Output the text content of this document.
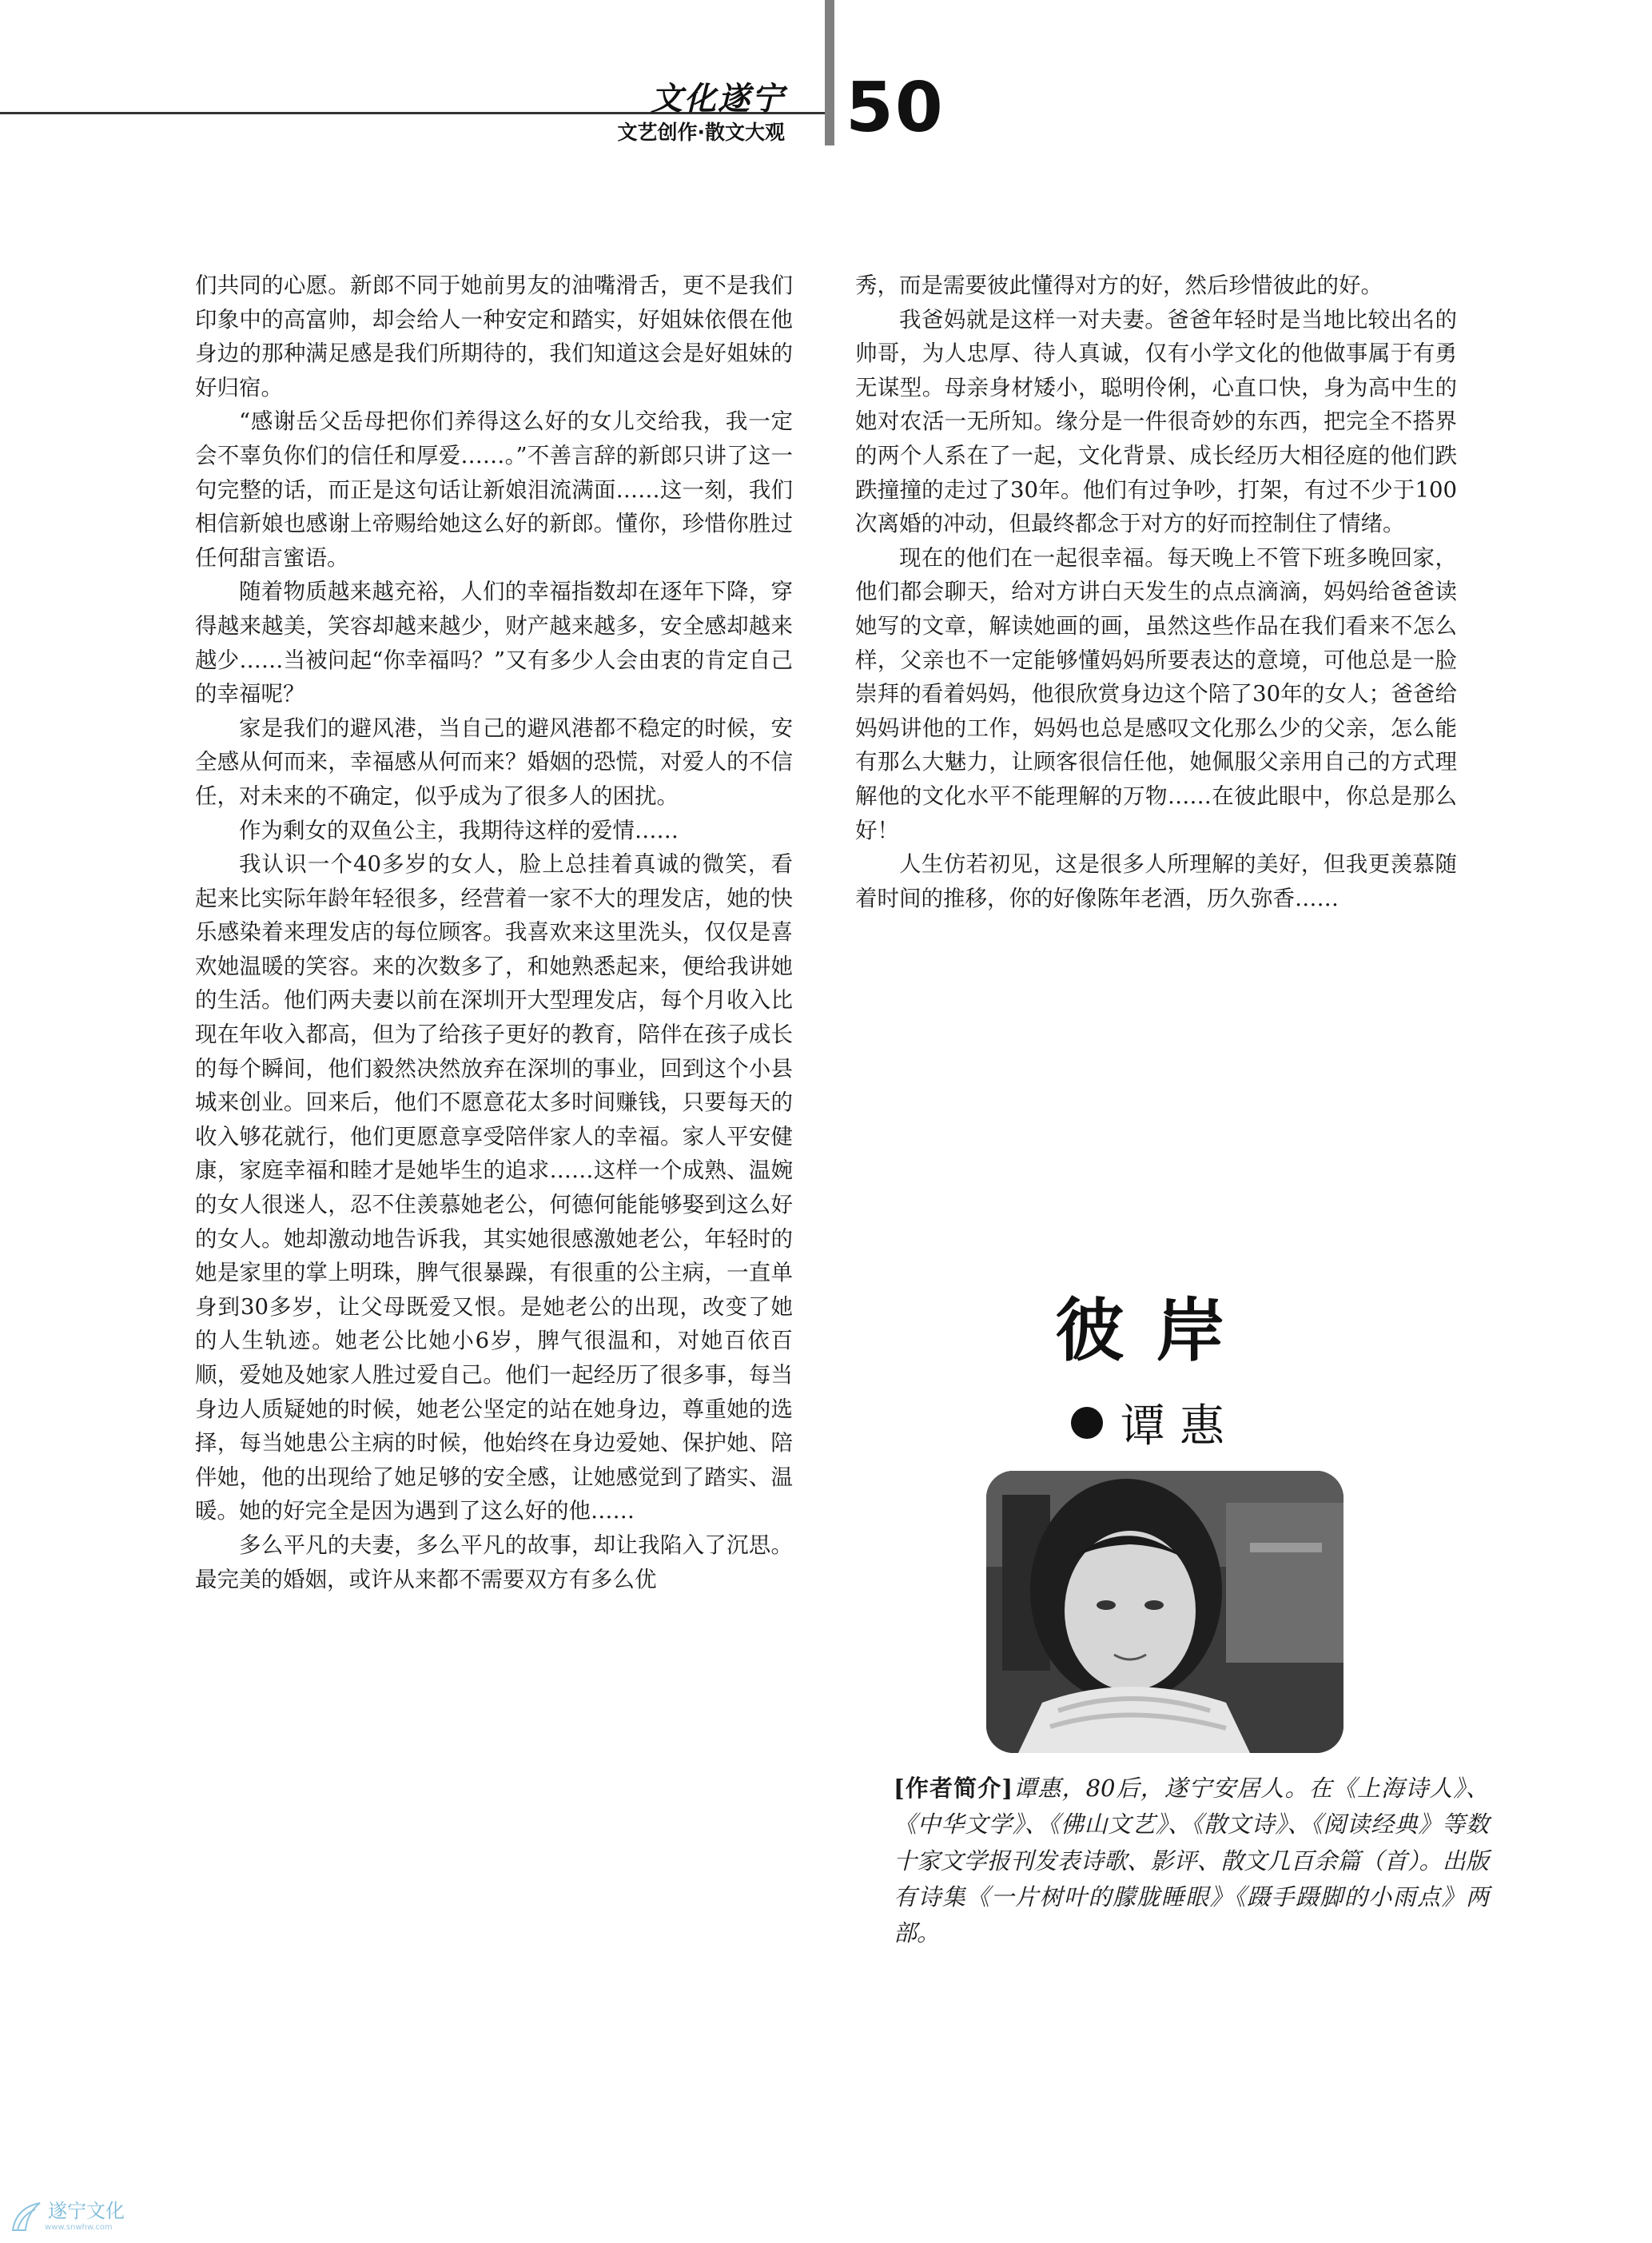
文化遂宁
文艺创作·散文大观 50

们共同的心愿。新郎不同于她前男友的油嘴滑舌，更不是我们印象中的高富帅，却会给人一种安定和踏实，好姐妹依偎在他身边的那种满足感是我们所期待的，我们知道这会是好姐妹的好归宿。

“感谢岳父岳母把你们养得这么好的女儿交给我，我一定会不辜负你们的信任和厚爱……。”不善言辞的新郎只讲了这一句完整的话，而正是这句话让新娘泪流满面……这一刻，我们相信新娘也感谢上帝赐给她这么好的新郎。懂你，珍惜你胜过任何甜言蜜语。

随着物质越来越充裕，人们的幸福指数却在逐年下降，穿得越来越美，笑容却越来越少，财产越来越多，安全感却越来越少……当被问起“你幸福吗？”又有多少人会由衷的肯定自己的幸福呢？

家是我们的避风港，当自己的避风港都不稳定的时候，安全感从何而来，幸福感从何而来？婚姻的恐慌，对爱人的不信任，对未来的不确定，似乎成为了很多人的困扰。

作为剩女的双鱼公主，我期待这样的爱情……

我认识一个40多岁的女人，脸上总挂着真诚的微笑，看起来比实际年龄年轻很多，经营着一家不大的理发店，她的快乐感染着来理发店的每位顾客。我喜欢来这里洗头，仅仅是喜欢她温暖的笑容。来的次数多了，和她熟悉起来，便给我讲她的生活。他们两夫妻以前在深圳开大型理发店，每个月收入比现在年收入都高，但为了给孩子更好的教育，陪伴在孩子成长的每个瞬间，他们毅然决然放弃在深圳的事业，回到这个小县城来创业。回来后，他们不愿意花太多时间赚钱，只要每天的收入够花就行，他们更愿意享受陪伴家人的幸福。家人平安健康，家庭幸福和睦才是她毕生的追求……这样一个成熟、温婉的女人很迷人，忍不住羡慕她老公，何德何能能够娶到这么好的女人。她却激动地告诉我，其实她很感激她老公，年轻时的她是家里的掌上明珠，脾气很暴躁，有很重的公主病，一直单身到30多岁，让父母既爱又恨。是她老公的出现，改变了她的人生轨迹。她老公比她小6岁，脾气很温和，对她百依百顺，爱她及她家人胜过爱自己。他们一起经历了很多事，每当身边人质疑她的时候，她老公坚定的站在她身边，尊重她的选择，每当她患公主病的时候，他始终在身边爱她、保护她、陪伴她，他的出现给了她足够的安全感，让她感觉到了踏实、温暖。她的好完全是因为遇到了这么好的他……

多么平凡的夫妻，多么平凡的故事，却让我陷入了沉思。最完美的婚姻，或许从来都不需要双方有多么优

秀，而是需要彼此懂得对方的好，然后珍惜彼此的好。

我爸妈就是这样一对夫妻。爸爸年轻时是当地比较出名的帅哥，为人忠厚、待人真诚，仅有小学文化的他做事属于有勇无谋型。母亲身材矮小，聪明伶俐，心直口快，身为高中生的她对农活一无所知。缘分是一件很奇妙的东西，把完全不搭界的两个人系在了一起，文化背景、成长经历大相径庭的他们跌跌撞撞的走过了30年。他们有过争吵，打架，有过不少于100次离婚的冲动，但最终都念于对方的好而控制住了情绪。

现在的他们在一起很幸福。每天晚上不管下班多晚回家，他们都会聊天，给对方讲白天发生的点点滴滴，妈妈给爸爸读她写的文章，解读她画的画，虽然这些作品在我们看来不怎么样，父亲也不一定能够懂妈妈所要表达的意境，可他总是一脸崇拜的看着妈妈，他很欣赏身边这个陪了30年的女人；爸爸给妈妈讲他的工作，妈妈也总是感叹文化那么少的父亲，怎么能有那么大魅力，让顾客很信任他，她佩服父亲用自己的方式理解他的文化水平不能理解的万物……在彼此眼中，你总是那么好！

人生仿若初见，这是很多人所理解的美好，但我更羡慕随着时间的推移，你的好像陈年老酒，历久弥香……

彼岸
谭惠
[作者简介]谭惠，80后，遂宁安居人。在《上海诗人》、《中华文学》、《佛山文艺》、《散文诗》、《阅读经典》等数十家文学报刊发表诗歌、影评、散文几百余篇（首）。出版有诗集《一片树叶的朦胧睡眼》《蹑手蹑脚的小雨点》两部。
遂宁文化
www.snwhw.com
